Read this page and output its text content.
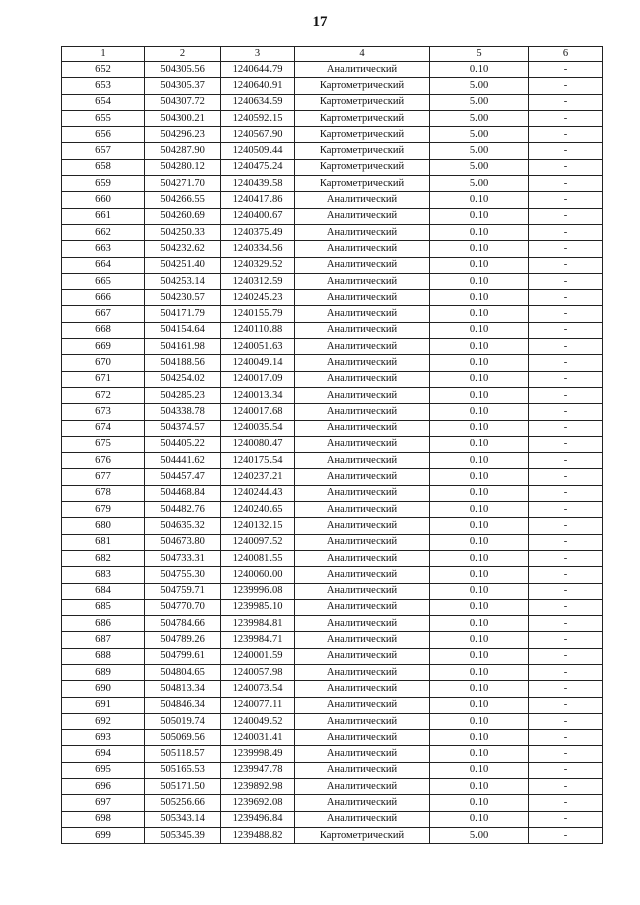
17
1	2	3	4	5	6
652	504305.56	1240644.79	Аналитический	0.10	-
653	504305.37	1240640.91	Картометрический	5.00	-
654	504307.72	1240634.59	Картометрический	5.00	-
655	504300.21	1240592.15	Картометрический	5.00	-
656	504296.23	1240567.90	Картометрический	5.00	-
657	504287.90	1240509.44	Картометрический	5.00	-
658	504280.12	1240475.24	Картометрический	5.00	-
659	504271.70	1240439.58	Картометрический	5.00	-
660	504266.55	1240417.86	Аналитический	0.10	-
661	504260.69	1240400.67	Аналитический	0.10	-
662	504250.33	1240375.49	Аналитический	0.10	-
663	504232.62	1240334.56	Аналитический	0.10	-
664	504251.40	1240329.52	Аналитический	0.10	-
665	504253.14	1240312.59	Аналитический	0.10	-
666	504230.57	1240245.23	Аналитический	0.10	-
667	504171.79	1240155.79	Аналитический	0.10	-
668	504154.64	1240110.88	Аналитический	0.10	-
669	504161.98	1240051.63	Аналитический	0.10	-
670	504188.56	1240049.14	Аналитический	0.10	-
671	504254.02	1240017.09	Аналитический	0.10	-
672	504285.23	1240013.34	Аналитический	0.10	-
673	504338.78	1240017.68	Аналитический	0.10	-
674	504374.57	1240035.54	Аналитический	0.10	-
675	504405.22	1240080.47	Аналитический	0.10	-
676	504441.62	1240175.54	Аналитический	0.10	-
677	504457.47	1240237.21	Аналитический	0.10	-
678	504468.84	1240244.43	Аналитический	0.10	-
679	504482.76	1240240.65	Аналитический	0.10	-
680	504635.32	1240132.15	Аналитический	0.10	-
681	504673.80	1240097.52	Аналитический	0.10	-
682	504733.31	1240081.55	Аналитический	0.10	-
683	504755.30	1240060.00	Аналитический	0.10	-
684	504759.71	1239996.08	Аналитический	0.10	-
685	504770.70	1239985.10	Аналитический	0.10	-
686	504784.66	1239984.81	Аналитический	0.10	-
687	504789.26	1239984.71	Аналитический	0.10	-
688	504799.61	1240001.59	Аналитический	0.10	-
689	504804.65	1240057.98	Аналитический	0.10	-
690	504813.34	1240073.54	Аналитический	0.10	-
691	504846.34	1240077.11	Аналитический	0.10	-
692	505019.74	1240049.52	Аналитический	0.10	-
693	505069.56	1240031.41	Аналитический	0.10	-
694	505118.57	1239998.49	Аналитический	0.10	-
695	505165.53	1239947.78	Аналитический	0.10	-
696	505171.50	1239892.98	Аналитический	0.10	-
697	505256.66	1239692.08	Аналитический	0.10	-
698	505343.14	1239496.84	Аналитический	0.10	-
699	505345.39	1239488.82	Картометрический	5.00	-
